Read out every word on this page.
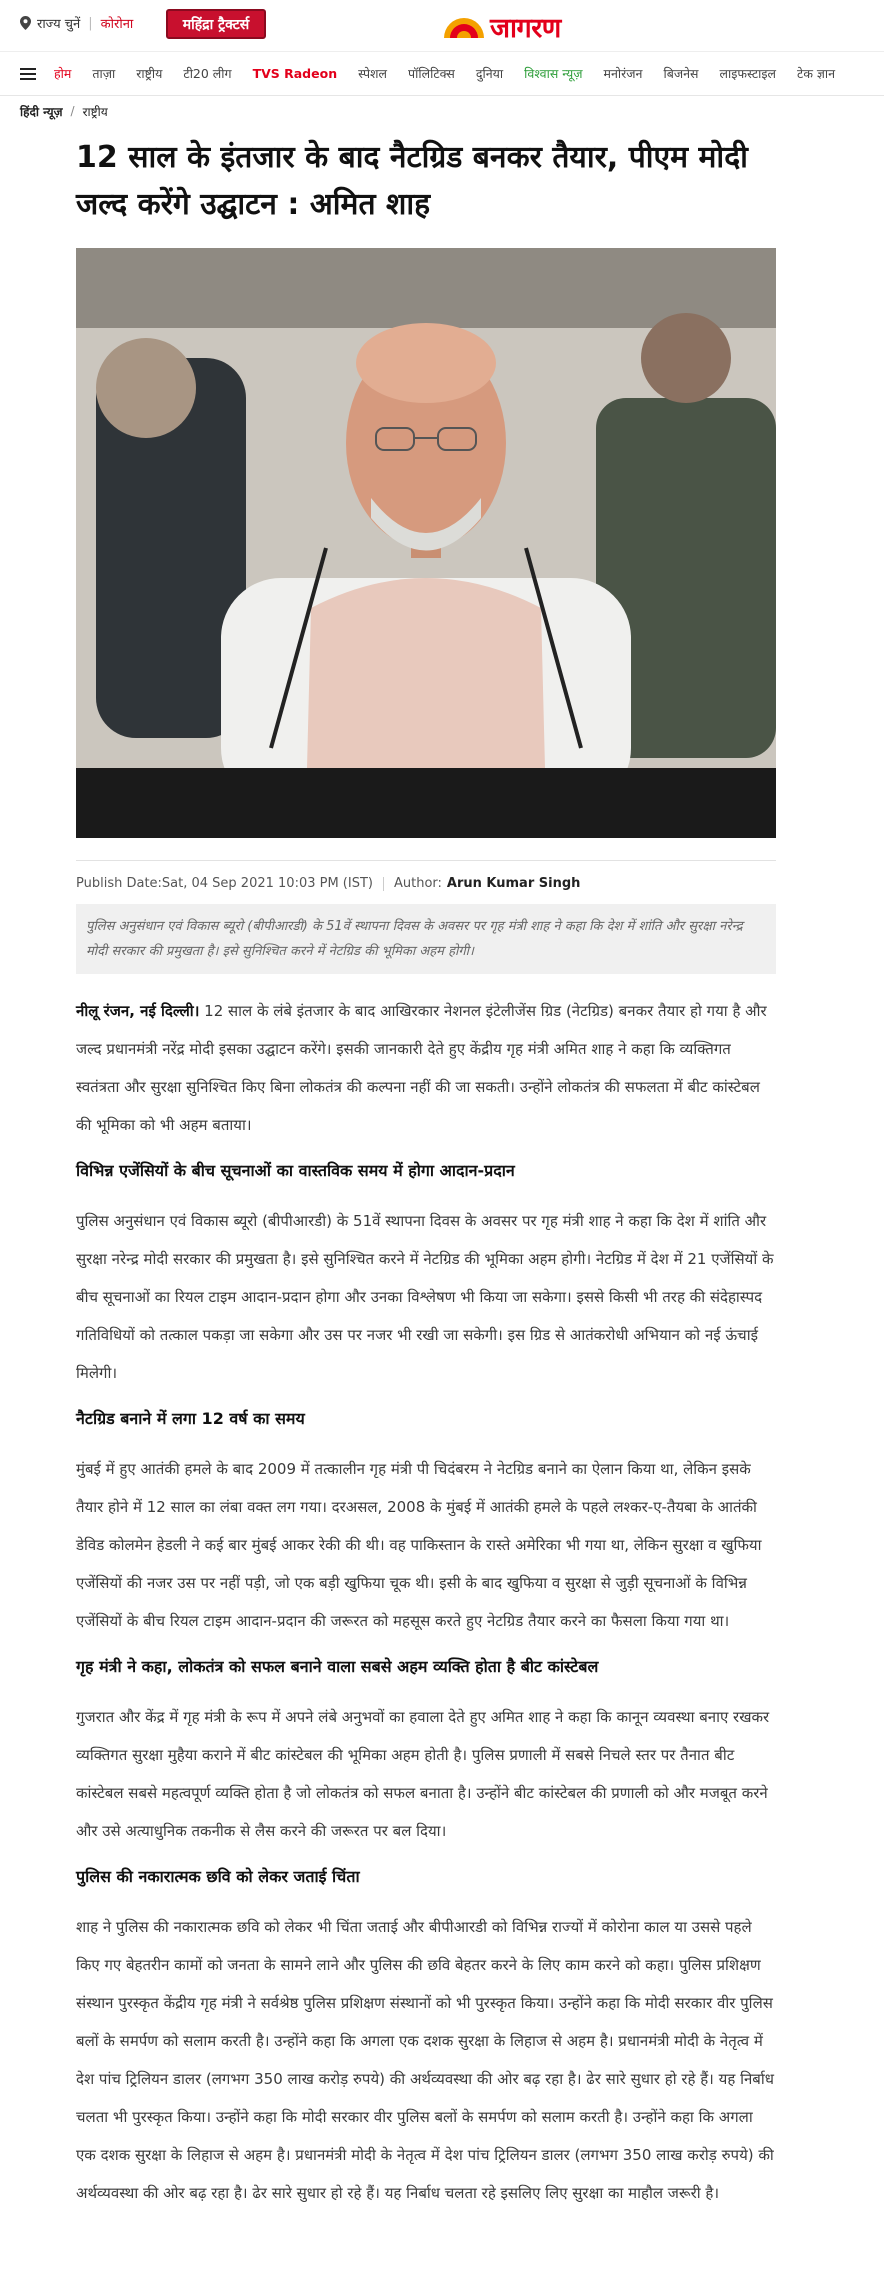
राज्य चुनें | कोरोना	महिंद्रा ट्रैक्टर्स	जागरण
होम ताज़ा राष्ट्रीय टी20 लीग TVS Radeon स्पेशल पॉलिटिक्स दुनिया विश्वास न्यूज़ मनोरंजन बिजनेस लाइफस्टाइल टेक ज्ञान
हिंदी न्यूज़ / राष्ट्रीय
12 साल के इंतजार के बाद नैटग्रिड बनकर तैयार, पीएम मोदी जल्द करेंगे उद्घाटन : अमित शाह
Publish Date:Sat, 04 Sep 2021 10:03 PM (IST) Author: Arun Kumar Singh
पुलिस अनुसंधान एवं विकास ब्यूरो (बीपीआरडी) के 51वें स्थापना दिवस के अवसर पर गृह मंत्री शाह ने कहा कि देश में शांति और सुरक्षा नरेन्द्र मोदी सरकार की प्रमुखता है। इसे सुनिश्चित करने में नेटग्रिड की भूमिका अहम होगी।

नीलू रंजन, नई दिल्ली। 12 साल के लंबे इंतजार के बाद आखिरकार नेशनल इंटेलीजेंस ग्रिड (नेटग्रिड) बनकर तैयार हो गया है और जल्द प्रधानमंत्री नरेंद्र मोदी इसका उद्घाटन करेंगे। इसकी जानकारी देते हुए केंद्रीय गृह मंत्री अमित शाह ने कहा कि व्यक्तिगत स्वतंत्रता और सुरक्षा सुनिश्चित किए बिना लोकतंत्र की कल्पना नहीं की जा सकती। उन्होंने लोकतंत्र की सफलता में बीट कांस्टेबल की भूमिका को भी अहम बताया।

विभिन्न एजेंसियों के बीच सूचनाओं का वास्तविक समय में होगा आदान-प्रदान

पुलिस अनुसंधान एवं विकास ब्यूरो (बीपीआरडी) के 51वें स्थापना दिवस के अवसर पर गृह मंत्री शाह ने कहा कि देश में शांति और सुरक्षा नरेन्द्र मोदी सरकार की प्रमुखता है। इसे सुनिश्चित करने में नेटग्रिड की भूमिका अहम होगी। नेटग्रिड में देश में 21 एजेंसियों के बीच सूचनाओं का रियल टाइम आदान-प्रदान होगा और उनका विश्लेषण भी किया जा सकेगा। इससे किसी भी तरह की संदेहास्पद गतिविधियों को तत्काल पकड़ा जा सकेगा और उस पर नजर भी रखी जा सकेगी। इस ग्रिड से आतंकरोधी अभियान को नई ऊंचाई मिलेगी।

नैटग्रिड बनाने में लगा 12 वर्ष का समय

मुंबई में हुए आतंकी हमले के बाद 2009 में तत्कालीन गृह मंत्री पी चिदंबरम ने नेटग्रिड बनाने का ऐलान किया था, लेकिन इसके तैयार होने में 12 साल का लंबा वक्त लग गया। दरअसल, 2008 के मुंबई में आतंकी हमले के पहले लश्कर-ए-तैयबा के आतंकी डेविड कोलमेन हेडली ने कई बार मुंबई आकर रेकी की थी। वह पाकिस्तान के रास्ते अमेरिका भी गया था, लेकिन सुरक्षा व खुफिया एजेंसियों की नजर उस पर नहीं पड़ी, जो एक बड़ी खुफिया चूक थी। इसी के बाद खुफिया व सुरक्षा से जुड़ी सूचनाओं के विभिन्न एजेंसियों के बीच रियल टाइम आदान-प्रदान की जरूरत को महसूस करते हुए नेटग्रिड तैयार करने का फैसला किया गया था।

गृह मंत्री ने कहा, लोकतंत्र को सफल बनाने वाला सबसे अहम व्यक्ति होता है बीट कांस्टेबल

गुजरात और केंद्र में गृह मंत्री के रूप में अपने लंबे अनुभवों का हवाला देते हुए अमित शाह ने कहा कि कानून व्यवस्था बनाए रखकर व्यक्तिगत सुरक्षा मुहैया कराने में बीट कांस्टेबल की भूमिका अहम होती है। पुलिस प्रणाली में सबसे निचले स्तर पर तैनात बीट कांस्टेबल सबसे महत्वपूर्ण व्यक्ति होता है जो लोकतंत्र को सफल बनाता है। उन्होंने बीट कांस्टेबल की प्रणाली को और मजबूत करने और उसे अत्याधुनिक तकनीक से लैस करने की जरूरत पर बल दिया।

पुलिस की नकारात्मक छवि को लेकर जताई चिंता

शाह ने पुलिस की नकारात्मक छवि को लेकर भी चिंता जताई और बीपीआरडी को विभिन्न राज्यों में कोरोना काल या उससे पहले किए गए बेहतरीन कामों को जनता के सामने लाने और पुलिस की छवि बेहतर करने के लिए काम करने को कहा। पुलिस प्रशिक्षण संस्थान पुरस्कृत केंद्रीय गृह मंत्री ने सर्वश्रेष्ठ पुलिस प्रशिक्षण संस्थानों को भी पुरस्कृत किया। उन्होंने कहा कि मोदी सरकार वीर पुलिस बलों के समर्पण को सलाम करती है। उन्होंने कहा कि अगला एक दशक सुरक्षा के लिहाज से अहम है। प्रधानमंत्री मोदी के नेतृत्व में देश पांच ट्रिलियन डालर (लगभग 350 लाख करोड़ रुपये) की अर्थव्यवस्था की ओर बढ़ रहा है। ढेर सारे सुधार हो रहे हैं। यह निर्बाध चलता भी पुरस्कृत किया। उन्होंने कहा कि मोदी सरकार वीर पुलिस बलों के समर्पण को सलाम करती है। उन्होंने कहा कि अगला एक दशक सुरक्षा के लिहाज से अहम है। प्रधानमंत्री मोदी के नेतृत्व में देश पांच ट्रिलियन डालर (लगभग 350 लाख करोड़ रुपये) की अर्थव्यवस्था की ओर बढ़ रहा है। ढेर सारे सुधार हो रहे हैं। यह निर्बाध चलता रहे इसलिए लिए सुरक्षा का माहौल जरूरी है।
